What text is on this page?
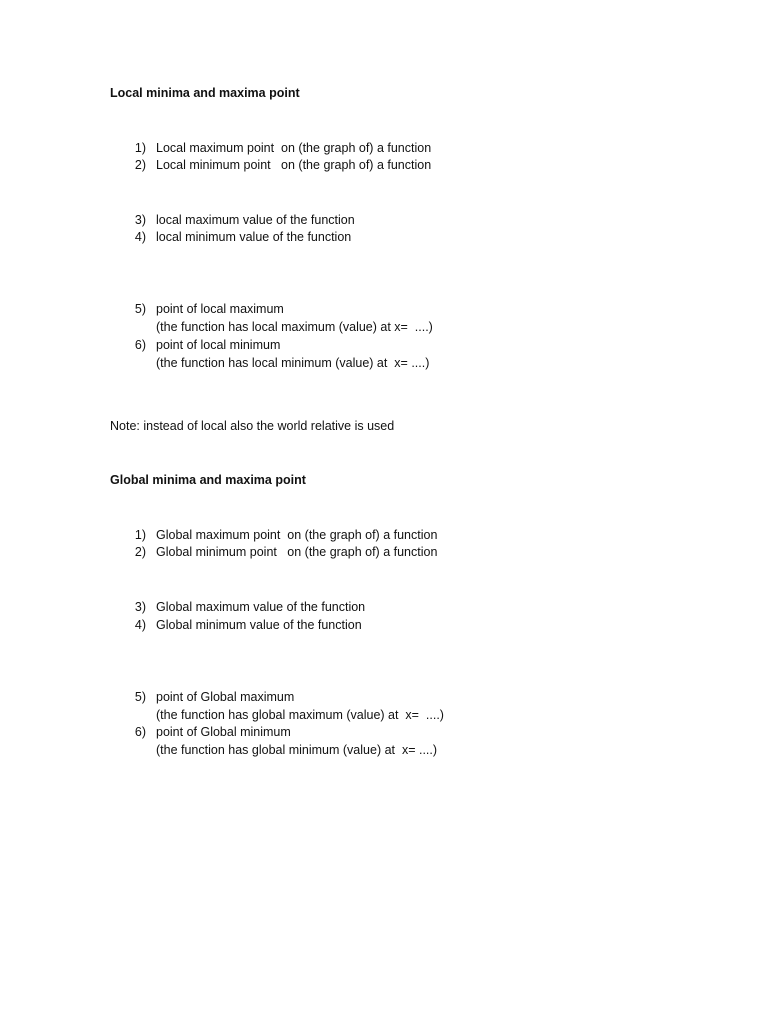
Local minima and maxima point
1) Local maximum point  on (the graph of) a function
2) Local minimum point   on (the graph of) a function
3) local maximum value of the function
4) local minimum value of the function
5) point of local maximum
(the function has local maximum (value) at x=  ....)
6) point of local minimum
(the function has local minimum (value) at  x= ....)
Note: instead of local also the world relative is used
Global minima and maxima point
1) Global maximum point  on (the graph of) a function
2) Global minimum point   on (the graph of) a function
3) Global maximum value of the function
4) Global minimum value of the function
5) point of Global maximum
(the function has global maximum (value) at  x=  ....)
6) point of Global minimum
(the function has global minimum (value) at  x= ....)
